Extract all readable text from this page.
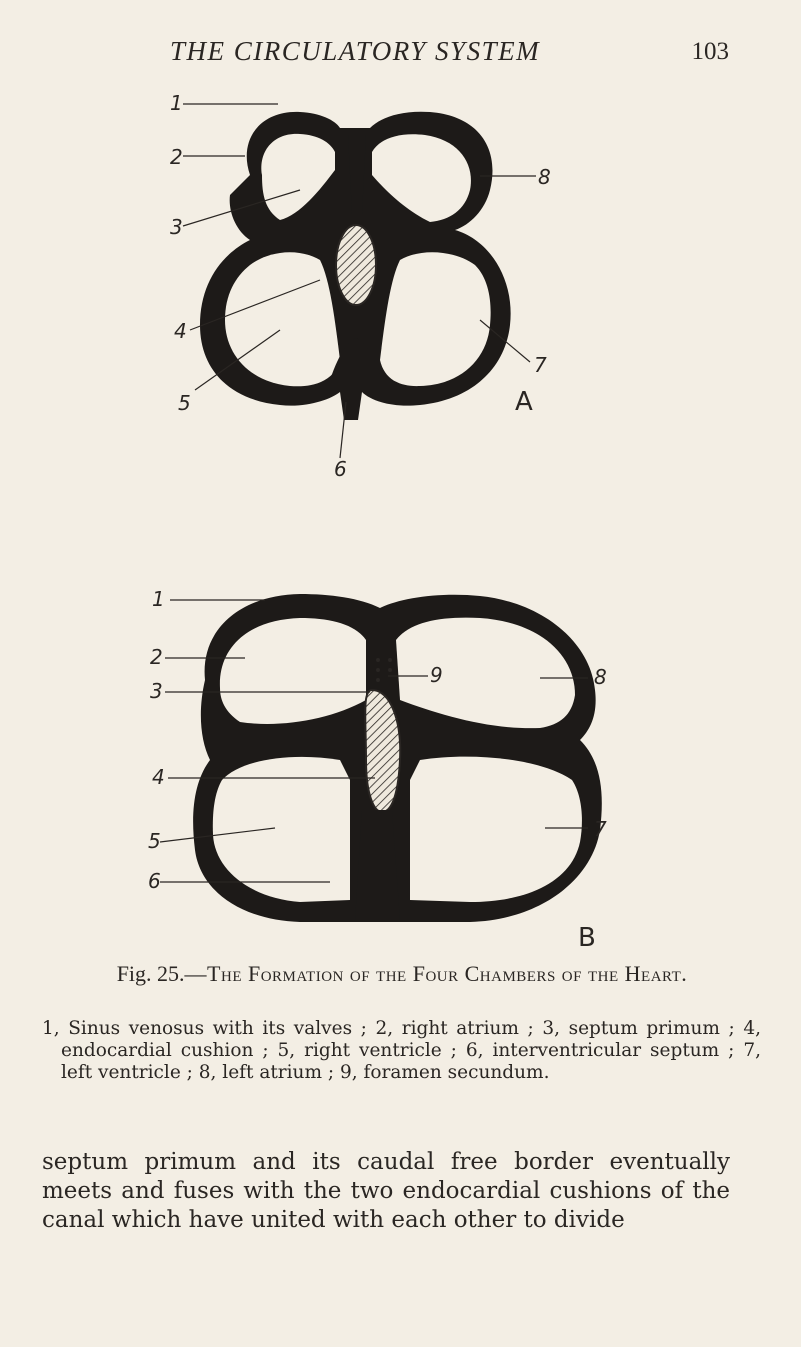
THE CIRCULATORY SYSTEM	103
1
2
3
4
5
6
7
8
A
1
2
3
4
5
6
7
8
9
B
Fig. 25.—The Formation of the Four Chambers of the Heart.
1, Sinus venosus with its valves ; 2, right atrium ; 3, septum primum ; 4, endocardial cushion ; 5, right ventricle ; 6, interventricular septum ; 7, left ventricle ; 8, left atrium ; 9, foramen secundum.
septum primum and its caudal free border eventually meets and fuses with the two endocardial cushions of the canal which have united with each other to divide
